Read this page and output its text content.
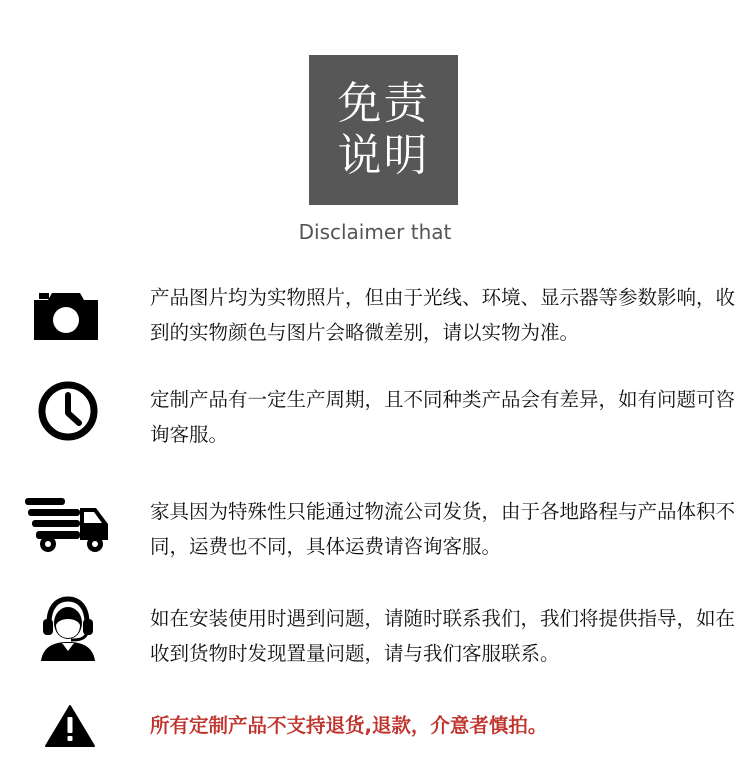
免责
说明
Disclaimer that

产品图片均为实物照片，但由于光线、环境、显示器等参数影响，收到的实物颜色与图片会略微差别，请以实物为准。

定制产品有一定生产周期，且不同种类产品会有差异，如有问题可咨询客服。

家具因为特殊性只能通过物流公司发货，由于各地路程与产品体积不同，运费也不同，具体运费请咨询客服。

如在安装使用时遇到问题，请随时联系我们，我们将提供指导，如在收到货物时发现置量问题，请与我们客服联系。

所有定制产品不支持退货,退款，介意者慎拍。
